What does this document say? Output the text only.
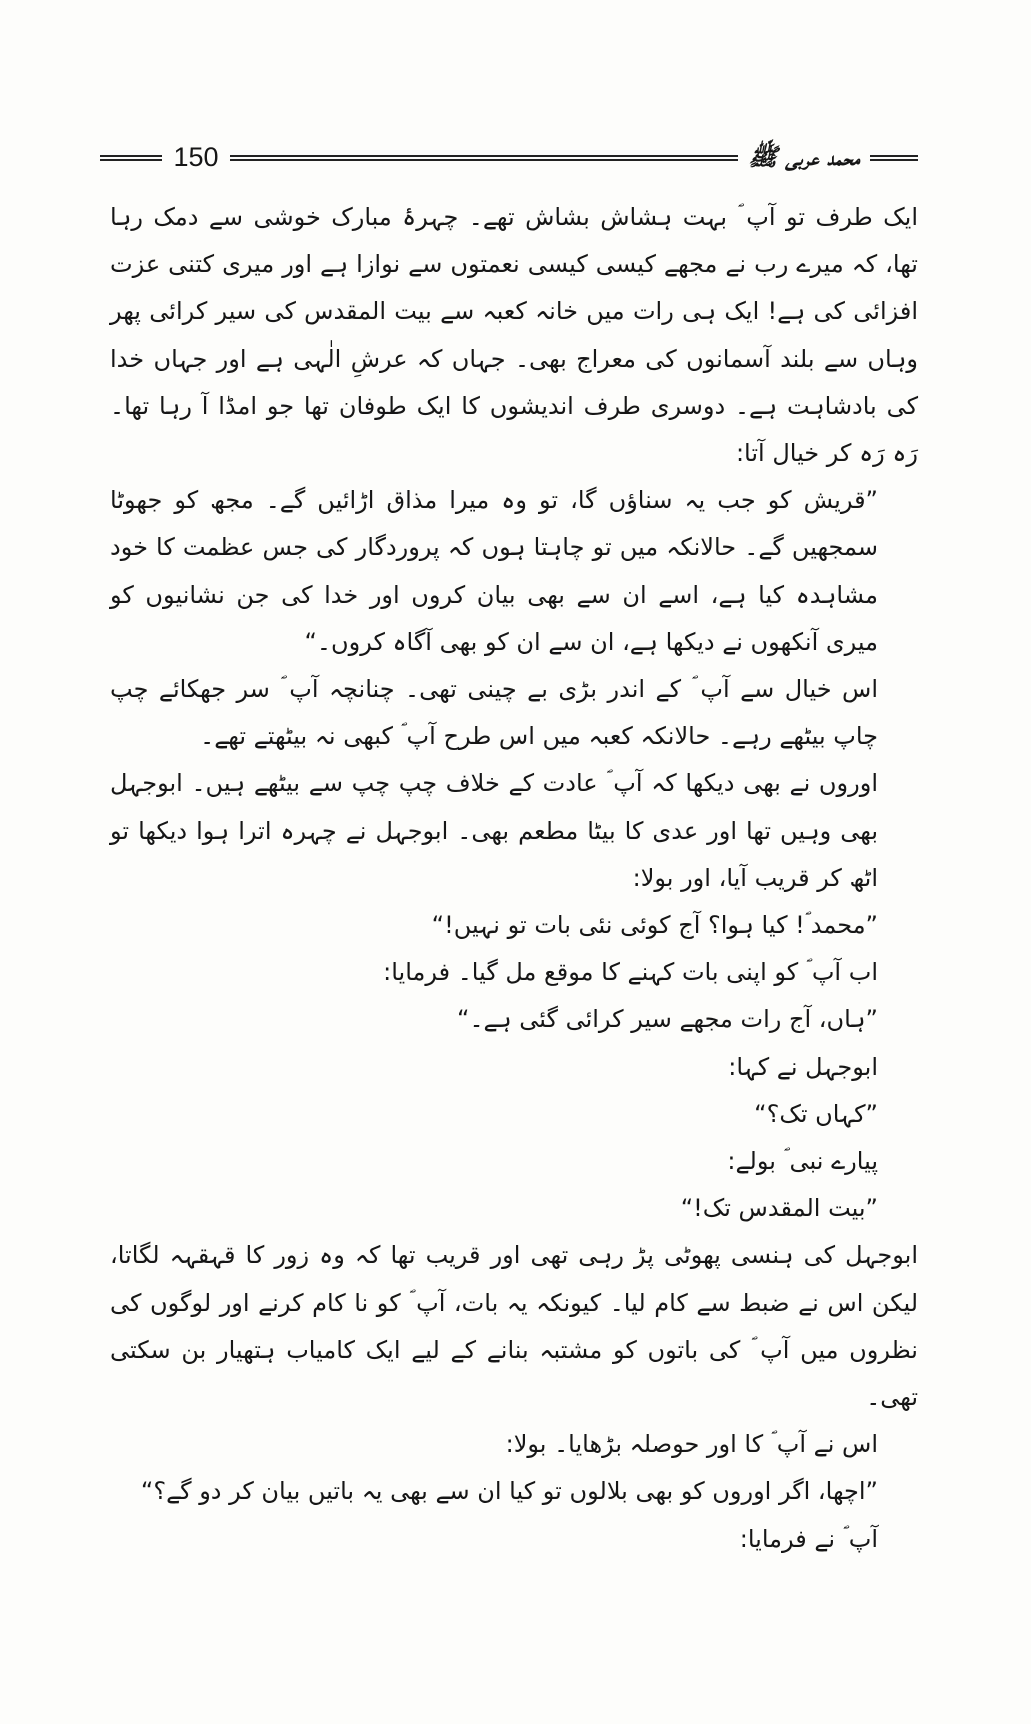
150	محمد عربی ﷺ

ایک طرف تو آپ ؐ بہت ہشاش بشاش تھے۔ چہرۂ مبارک خوشی سے دمک رہا تھا، کہ میرے رب نے مجھے کیسی کیسی نعمتوں سے نوازا ہے اور میری کتنی عزت افزائی کی ہے! ایک ہی رات میں خانہ کعبہ سے بیت المقدس کی سیر کرائی پھر وہاں سے بلند آسمانوں کی معراج بھی۔ جہاں کہ عرشِ الٰہی ہے اور جہاں خدا کی بادشاہت ہے۔ دوسری طرف اندیشوں کا ایک طوفان تھا جو امڈا آ رہا تھا۔ رَہ رَہ کر خیال آتا:

”قریش کو جب یہ سناؤں گا، تو وہ میرا مذاق اڑائیں گے۔ مجھ کو جھوٹا سمجھیں گے۔ حالانکہ میں تو چاہتا ہوں کہ پروردگار کی جس عظمت کا خود مشاہدہ کیا ہے، اسے ان سے بھی بیان کروں اور خدا کی جن نشانیوں کو میری آنکھوں نے دیکھا ہے، ان سے ان کو بھی آگاہ کروں۔“

اس خیال سے آپ ؐ کے اندر بڑی بے چینی تھی۔ چنانچہ آپ ؐ سر جھکائے چپ چاپ بیٹھے رہے۔ حالانکہ کعبہ میں اس طرح آپ ؐ کبھی نہ بیٹھتے تھے۔

اوروں نے بھی دیکھا کہ آپ ؐ عادت کے خلاف چپ چپ سے بیٹھے ہیں۔ ابوجہل بھی وہیں تھا اور عدی کا بیٹا مطعم بھی۔ ابوجہل نے چہرہ اترا ہوا دیکھا تو اٹھ کر قریب آیا، اور بولا:

”محمد ؐ! کیا ہوا؟ آج کوئی نئی بات تو نہیں!“

اب آپ ؐ کو اپنی بات کہنے کا موقع مل گیا۔ فرمایا:

”ہاں، آج رات مجھے سیر کرائی گئی ہے۔“

ابوجہل نے کہا:

”کہاں تک؟“

پیارے نبی ؐ بولے:

”بیت المقدس تک!“

ابوجہل کی ہنسی پھوٹی پڑ رہی تھی اور قریب تھا کہ وہ زور کا قہقہہ لگاتا، لیکن اس نے ضبط سے کام لیا۔ کیونکہ یہ بات، آپ ؐ کو نا کام کرنے اور لوگوں کی نظروں میں آپ ؐ کی باتوں کو مشتبہ بنانے کے لیے ایک کامیاب ہتھیار بن سکتی تھی۔

اس نے آپ ؐ کا اور حوصلہ بڑھایا۔ بولا:

”اچھا، اگر اوروں کو بھی بلالوں تو کیا ان سے بھی یہ باتیں بیان کر دو گے؟“

آپ ؐ نے فرمایا:
